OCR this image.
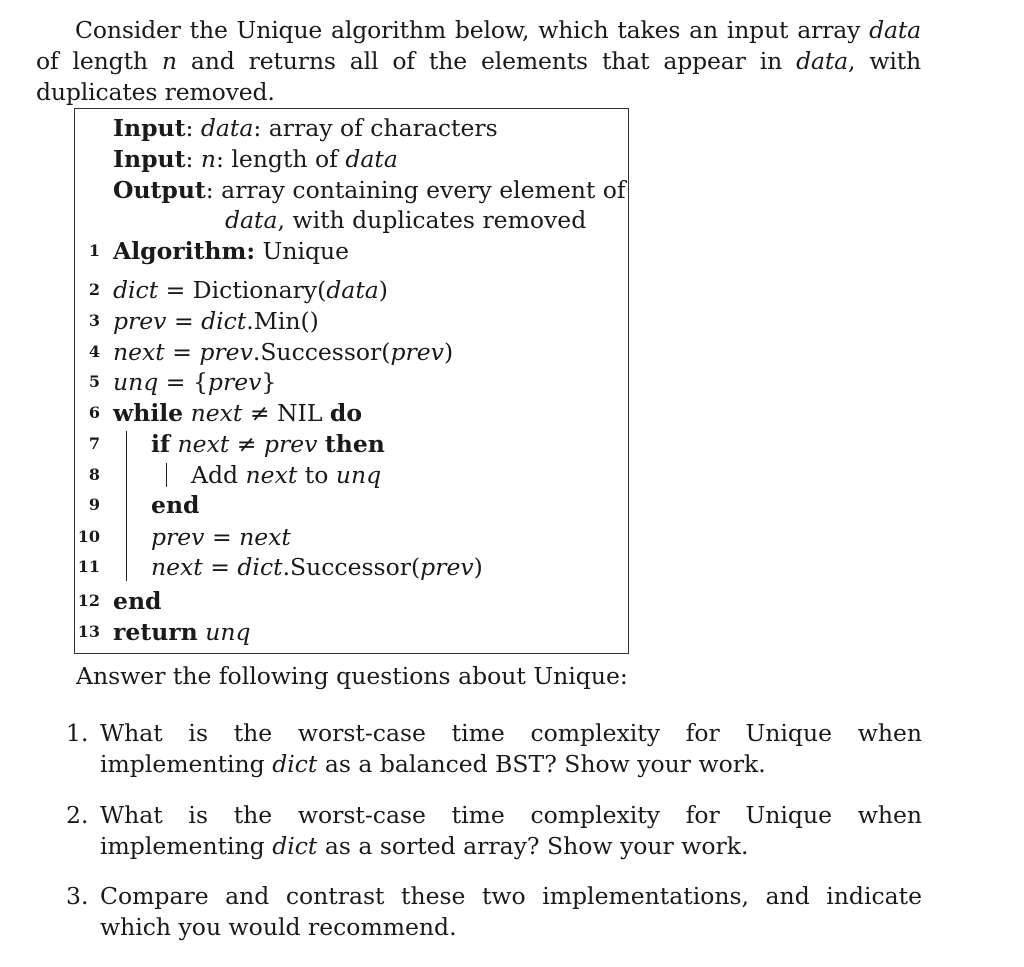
Consider the Unique algorithm below, which takes an input array data of length n and returns all of the elements that appear in data, with duplicates removed.
Input: data: array of characters
Input: n: length of data
Output: array containing every element of
data, with duplicates removed
1 Algorithm: Unique
2 dict = Dictionary(data)
3 prev = dict.Min()
4 next = prev.Successor(prev)
5 unq = {prev}
6 while next ≠ NIL do
7 if next ≠ prev then
8	Add next to unq
9 end
10 prev = next
11 next = dict.Successor(prev)
12 end
13 return unq
Answer the following questions about Unique:
1. What is the worst-case time complexity for Unique when implementing dict as a balanced BST? Show your work.
2. What is the worst-case time complexity for Unique when implementing dict as a sorted array? Show your work.
3. Compare and contrast these two implementations, and indicate which you would recommend.
